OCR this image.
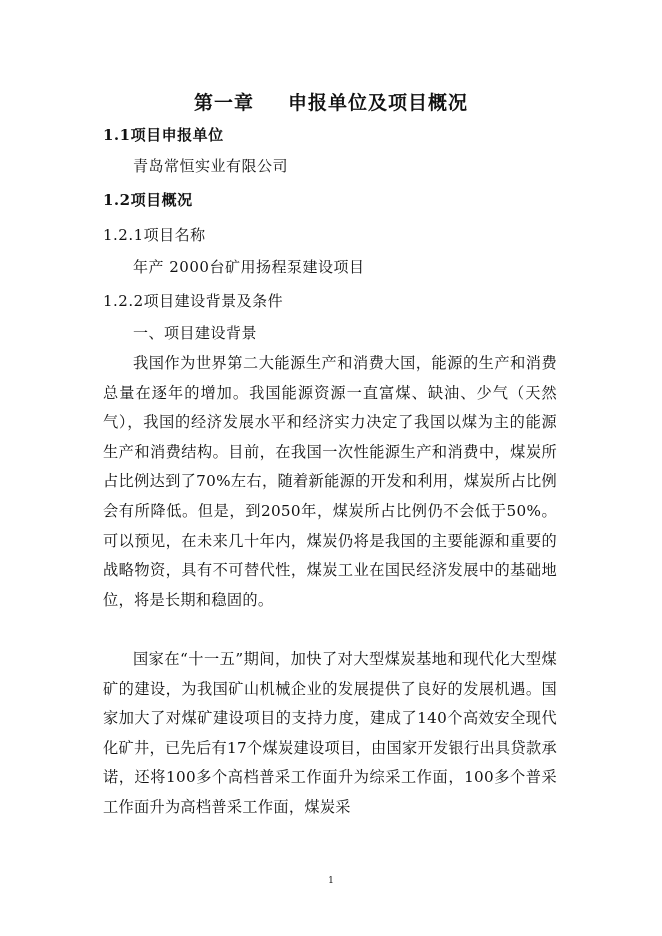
第一章 申报单位及项目概况
1.1项目申报单位
青岛常恒实业有限公司
1.2项目概况
1.2.1项目名称
年产 2000台矿用扬程泵建设项目
1.2.2项目建设背景及条件
一、项目建设背景
我国作为世界第二大能源生产和消费大国，能源的生产和消费总量在逐年的增加。我国能源资源一直富煤、缺油、少气（天然气），我国的经济发展水平和经济实力决定了我国以煤为主的能源生产和消费结构。目前，在我国一次性能源生产和消费中，煤炭所占比例达到了70%左右，随着新能源的开发和利用，煤炭所占比例会有所降低。但是，到2050年，煤炭所占比例仍不会低于50%。可以预见，在未来几十年内，煤炭仍将是我国的主要能源和重要的战略物资，具有不可替代性，煤炭工业在国民经济发展中的基础地位，将是长期和稳固的。
国家在“十一五”期间，加快了对大型煤炭基地和现代化大型煤矿的建设，为我国矿山机械企业的发展提供了良好的发展机遇。国家加大了对煤矿建设项目的支持力度，建成了140个高效安全现代化矿井，已先后有17个煤炭建设项目，由国家开发银行出具贷款承诺，还将100多个高档普采工作面升为综采工作面，100多个普采工作面升为高档普采工作面，煤炭采
1
